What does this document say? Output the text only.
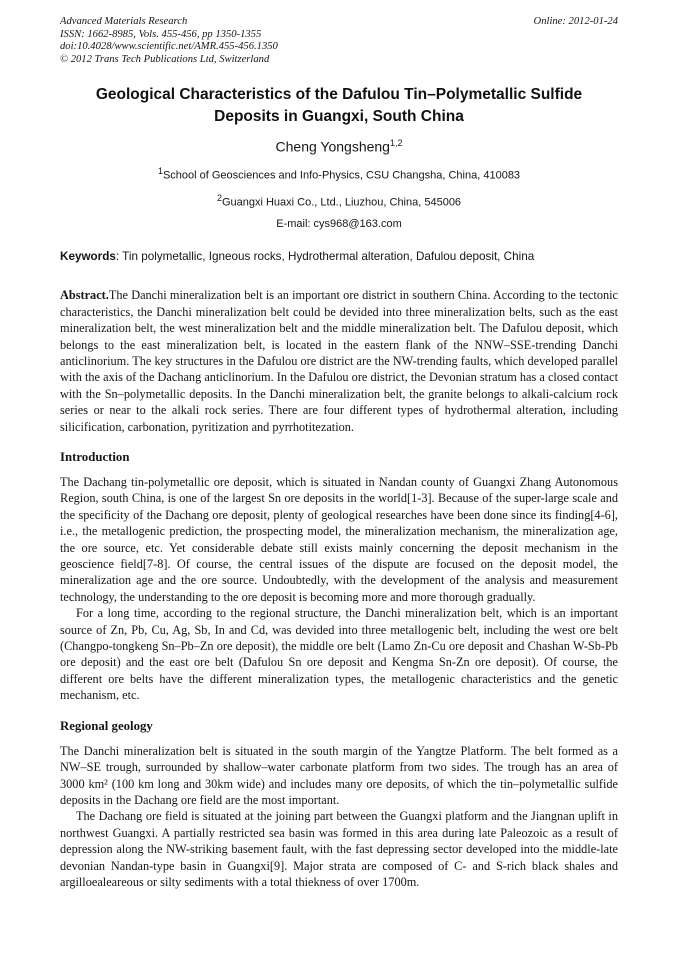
Advanced Materials Research
ISSN: 1662-8985, Vols. 455-456, pp 1350-1355
doi:10.4028/www.scientific.net/AMR.455-456.1350
© 2012 Trans Tech Publications Ltd, Switzerland
Online: 2012-01-24
Geological Characteristics of the Dafulou Tin–Polymetallic Sulfide
Deposits in Guangxi, South China
Cheng Yongsheng$^{1,2}$
$^1$School of Geosciences and Info-Physics, CSU Changsha, China, 410083
$^2$Guangxi Huaxi Co., Ltd., Liuzhou, China, 545006
E-mail: cys968@163.com
Keywords: Tin polymetallic, Igneous rocks, Hydrothermal alteration, Dafulou deposit, China

Abstract.The Danchi mineralization belt is an important ore district in southern China. According to the tectonic characteristics, the Danchi mineralization belt could be devided into three mineralization belts, such as the east mineralization belt, the west mineralization belt and the middle mineralization belt. The Dafulou deposit, which belongs to the east mineralization belt, is located in the eastern flank of the NNW–SSE-trending Danchi anticlinorium. The key structures in the Dafulou ore district are the NW-trending faults, which developed parallel with the axis of the Dachang anticlinorium. In the Dafulou ore district, the Devonian stratum has a closed contact with the Sn–polymetallic deposits. In the Danchi mineralization belt, the granite belongs to alkali-calcium rock series or near to the alkali rock series. There are four different types of hydrothermal alteration, including silicification, carbonation, pyritization and pyrrhotitezation.

Introduction

The Dachang tin-polymetallic ore deposit, which is situated in Nandan county of Guangxi Zhang Autonomous Region, south China, is one of the largest Sn ore deposits in the world[1-3]. Because of the super-large scale and the specificity of the Dachang ore deposit, plenty of geological researches have been done since its finding[4-6], i.e., the metallogenic prediction, the prospecting model, the mineralization mechanism, the mineralization age, the ore source, etc. Yet considerable debate still exists mainly concerning the deposit mechanism in the geoscience field[7-8]. Of course, the central issues of the dispute are focused on the deposit model, the mineralization age and the ore source. Undoubtedly, with the development of the analysis and measurement technology, the understanding to the ore deposit is becoming more and more thorough gradually.

For a long time, according to the regional structure, the Danchi mineralization belt, which is an important source of Zn, Pb, Cu, Ag, Sb, In and Cd, was devided into three metallogenic belt, including the west ore belt (Changpo-tongkeng Sn–Pb–Zn ore deposit), the middle ore belt (Lamo Zn-Cu ore deposit and Chashan W-Sb-Pb ore deposit) and the east ore belt (Dafulou Sn ore deposit and Kengma Sn-Zn ore deposit). Of course, the different ore belts have the different mineralization types, the metallogenic characteristics and the genetic mechanism, etc.

Regional geology

The Danchi mineralization belt is situated in the south margin of the Yangtze Platform. The belt formed as a NW–SE trough, surrounded by shallow–water carbonate platform from two sides. The trough has an area of 3000 km² (100 km long and 30km wide) and includes many ore deposits, of which the tin–polymetallic sulfide deposits in the Dachang ore field are the most important.

The Dachang ore field is situated at the joining part between the Guangxi platform and the Jiangnan uplift in northwest Guangxi. A partially restricted sea basin was formed in this area during late Paleozoic as a result of depression along the NW-striking basement fault, with the fast depressing sector developed into the middle-late devonian Nandan-type basin in Guangxi[9]. Major strata are composed of C- and S-rich black shales and argilloealeareous or silty sediments with a total thiekness of over 1700m.
